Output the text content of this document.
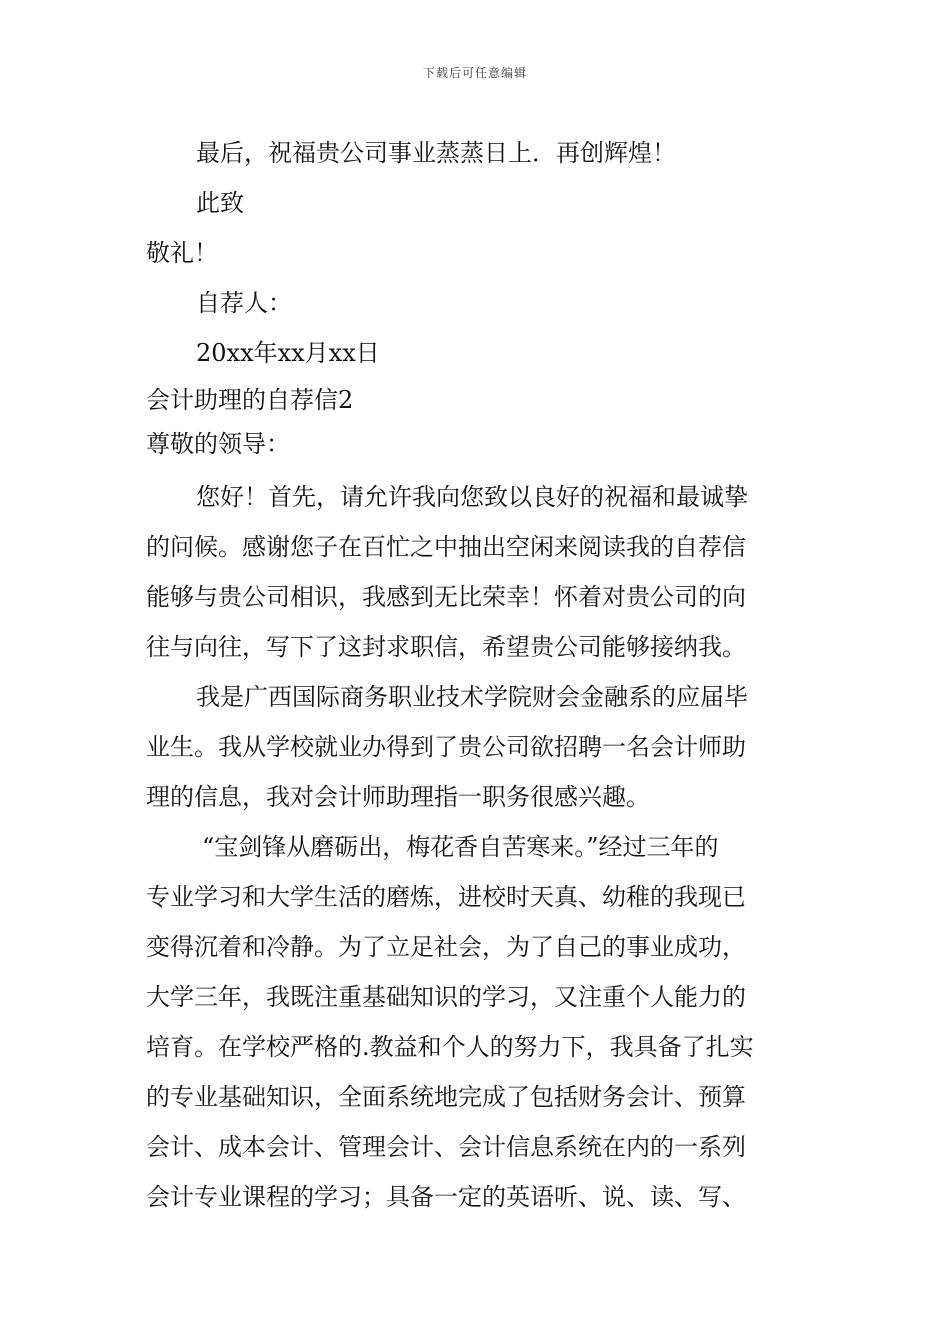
下载后可任意编辑
最后，祝福贵公司事业蒸蒸日上．再创辉煌！
此致
敬礼！
自荐人：
20xx年xx月xx日
会计助理的自荐信2
尊敬的领导：
您好！首先，请允许我向您致以良好的祝福和最诚挚
的问候。感谢您子在百忙之中抽出空闲来阅读我的自荐信
能够与贵公司相识，我感到无比荣幸！怀着对贵公司的向
往与向往，写下了这封求职信，希望贵公司能够接纳我。
我是广西国际商务职业技术学院财会金融系的应届毕
业生。我从学校就业办得到了贵公司欲招聘一名会计师助
理的信息，我对会计师助理指一职务很感兴趣。
“宝剑锋从磨砺出，梅花香自苦寒来。”经过三年的
专业学习和大学生活的磨炼，进校时天真、幼稚的我现已
变得沉着和冷静。为了立足社会，为了自己的事业成功，
大学三年，我既注重基础知识的学习，又注重个人能力的
培育。在学校严格的.教益和个人的努力下，我具备了扎实
的专业基础知识，全面系统地完成了包括财务会计、预算
会计、成本会计、管理会计、会计信息系统在内的一系列
会计专业课程的学习；具备一定的英语听、说、读、写、
